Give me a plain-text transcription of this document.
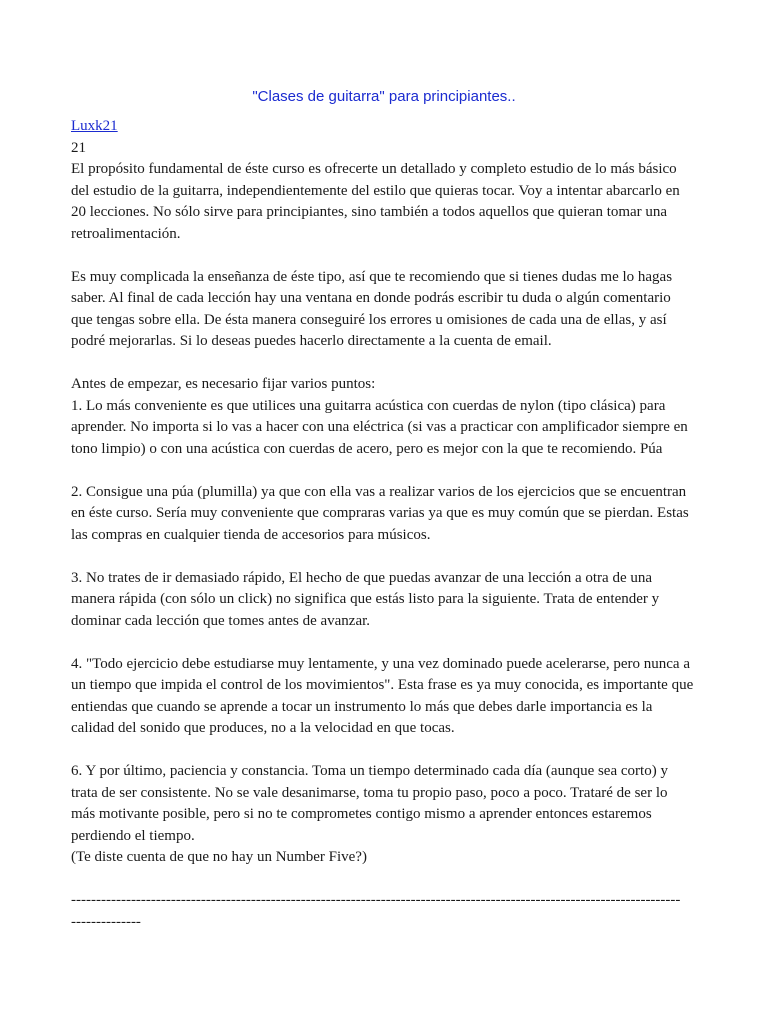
"Clases de guitarra" para principiantes..
Luxk21
21
El propósito fundamental de éste curso es ofrecerte un detallado y completo estudio de lo más básico
del estudio de la guitarra, independientemente del estilo que quieras tocar. Voy a intentar abarcarlo en
20 lecciones. No sólo sirve para principiantes, sino también a todos aquellos que quieran tomar una
retroalimentación.
Es muy complicada la enseñanza de éste tipo, así que te recomiendo que si tienes dudas me lo hagas
saber. Al final de cada lección hay una ventana en donde podrás escribir tu duda o algún comentario
que tengas sobre ella. De ésta manera conseguiré los errores u omisiones de cada una de ellas, y así
podré mejorarlas. Si lo deseas puedes hacerlo directamente a la cuenta de email.
Antes de empezar, es necesario fijar varios puntos:
1. Lo más conveniente es que utilices una guitarra acústica con cuerdas de nylon (tipo clásica) para
aprender. No importa si lo vas a hacer con una eléctrica (si vas a practicar con amplificador siempre en
tono limpio) o con una acústica con cuerdas de acero, pero es mejor con la que te recomiendo. Púa
2. Consigue una púa (plumilla) ya que con ella vas a realizar varios de los ejercicios que se encuentran
en éste curso. Sería muy conveniente que compraras varias ya que es muy común que se pierdan. Estas
las compras en cualquier tienda de accesorios para músicos.
3. No trates de ir demasiado rápido, El hecho de que puedas avanzar de una lección a otra de una
manera rápida (con sólo un click) no significa que estás listo para la siguiente. Trata de entender y
dominar cada lección que tomes antes de avanzar.
4. "Todo ejercicio debe estudiarse muy lentamente, y una vez dominado puede acelerarse, pero nunca a
un tiempo que impida el control de los movimientos". Esta frase es ya muy conocida, es importante que
entiendas que cuando se aprende a tocar un instrumento lo más que debes darle importancia es la
calidad del sonido que produces, no a la velocidad en que tocas.
6. Y por último, paciencia y constancia. Toma un tiempo determinado cada día (aunque sea corto) y
trata de ser consistente. No se vale desanimarse, toma tu propio paso, poco a poco. Trataré de ser lo
más motivante posible, pero si no te comprometes contigo mismo a aprender entonces estaremos
perdiendo el tiempo.
(Te diste cuenta de que no hay un Number Five?)
--------------------------------------------------------------------------------------------------------------------------
--------------
